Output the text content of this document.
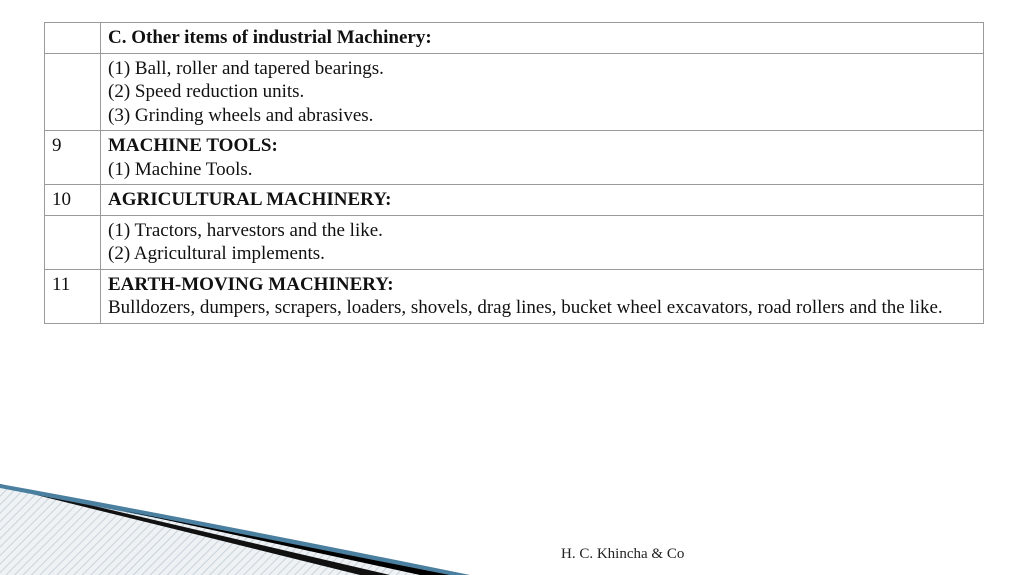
	C. Other items of industrial Machinery:

	(1) Ball, roller and tapered bearings.
(2) Speed reduction units.
(3) Grinding wheels and abrasives.

9	MACHINE TOOLS:
(1) Machine Tools.

10	AGRICULTURAL MACHINERY:

	(1) Tractors, harvestors and the like.
(2) Agricultural implements.

11	EARTH-MOVING MACHINERY:
Bulldozers, dumpers, scrapers, loaders, shovels, drag lines, bucket wheel excavators, road rollers and the like.
H. C. Khincha & Co
